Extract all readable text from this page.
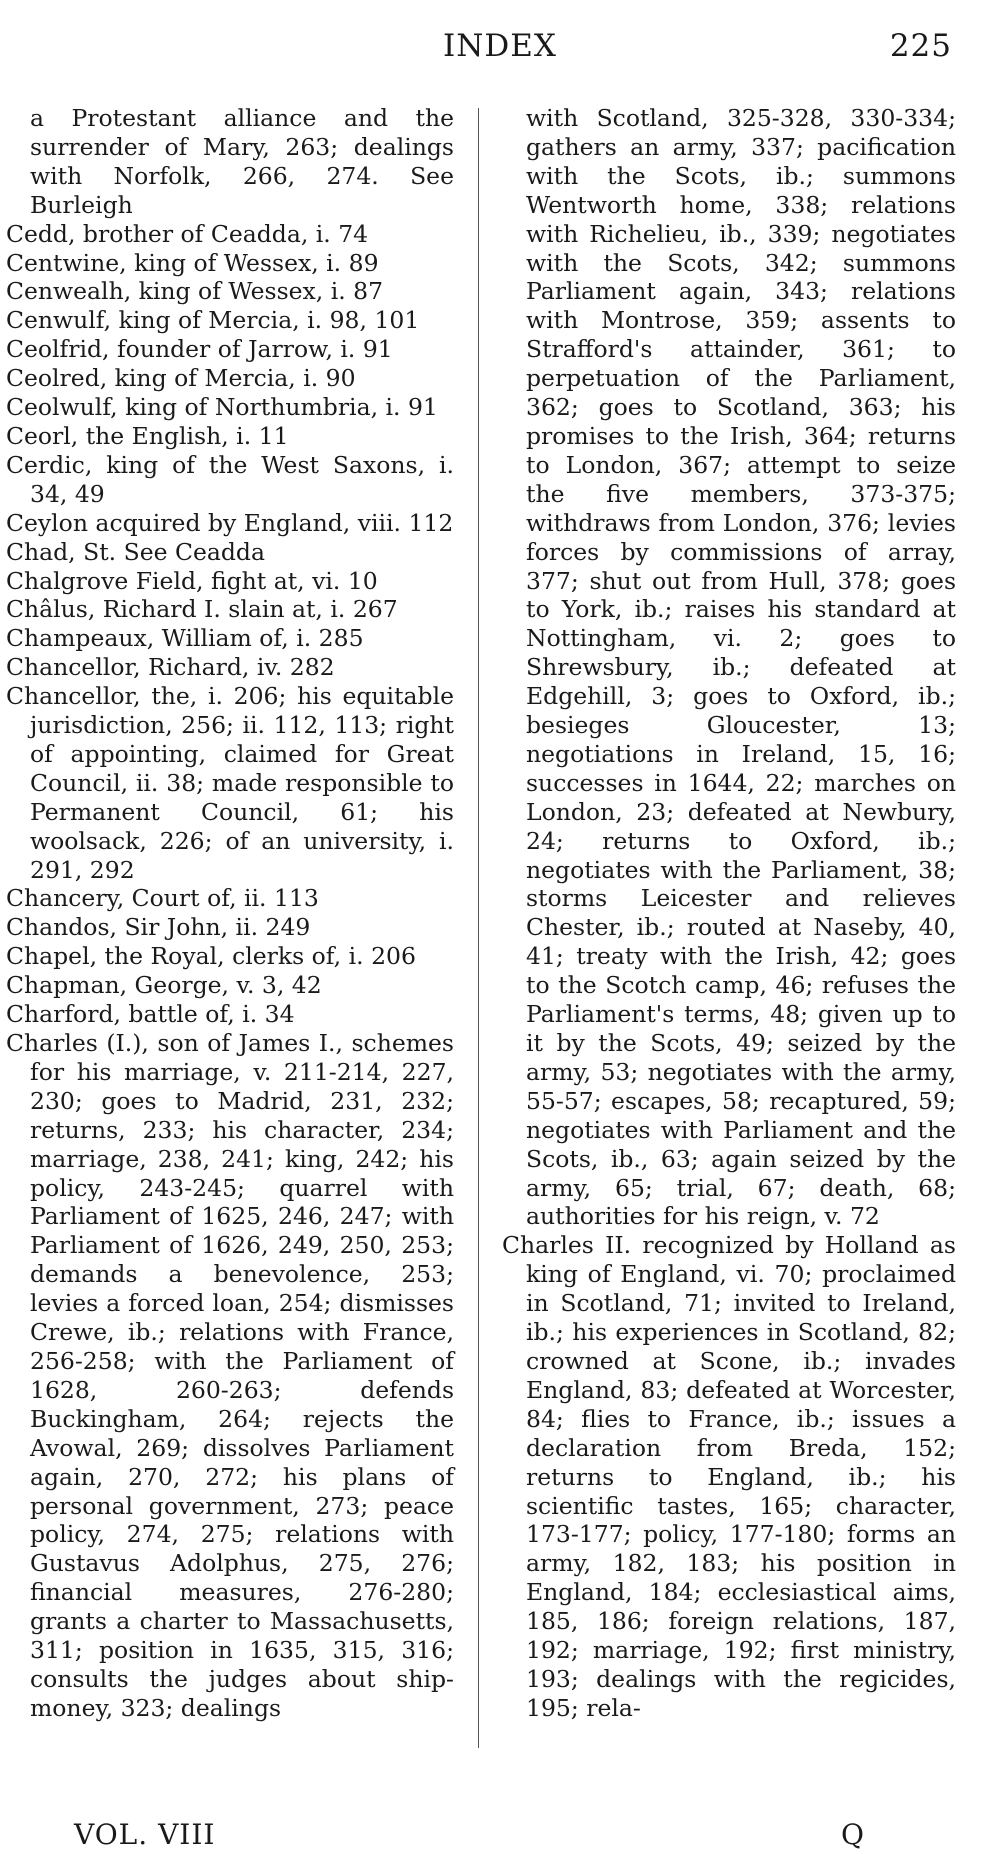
INDEX	225

a Protestant alliance and the surrender of Mary, 263; dealings with Norfolk, 266, 274. See Burleigh

Cedd, brother of Ceadda, i. 74

Centwine, king of Wessex, i. 89

Cenwealh, king of Wessex, i. 87

Cenwulf, king of Mercia, i. 98, 101

Ceolfrid, founder of Jarrow, i. 91

Ceolred, king of Mercia, i. 90

Ceolwulf, king of Northumbria, i. 91

Ceorl, the English, i. 11

Cerdic, king of the West Saxons, i. 34, 49

Ceylon acquired by England, viii. 112

Chad, St. See Ceadda

Chalgrove Field, fight at, vi. 10

Châlus, Richard I. slain at, i. 267

Champeaux, William of, i. 285

Chancellor, Richard, iv. 282

Chancellor, the, i. 206; his equitable jurisdiction, 256; ii. 112, 113; right of appointing, claimed for Great Council, ii. 38; made responsible to Permanent Council, 61; his woolsack, 226; of an university, i. 291, 292

Chancery, Court of, ii. 113

Chandos, Sir John, ii. 249

Chapel, the Royal, clerks of, i. 206

Chapman, George, v. 3, 42

Charford, battle of, i. 34

Charles (I.), son of James I., schemes for his marriage, v. 211-214, 227, 230; goes to Madrid, 231, 232; returns, 233; his character, 234; marriage, 238, 241; king, 242; his policy, 243-245; quarrel with Parliament of 1625, 246, 247; with Parliament of 1626, 249, 250, 253; demands a benevolence, 253; levies a forced loan, 254; dismisses Crewe, ib.; relations with France, 256-258; with the Parliament of 1628, 260-263; defends Buckingham, 264; rejects the Avowal, 269; dissolves Parliament again, 270, 272; his plans of personal government, 273; peace policy, 274, 275; relations with Gustavus Adolphus, 275, 276; financial measures, 276-280; grants a charter to Massachusetts, 311; position in 1635, 315, 316; consults the judges about ship-money, 323; dealings

with Scotland, 325-328, 330-334; gathers an army, 337; pacification with the Scots, ib.; summons Wentworth home, 338; relations with Richelieu, ib., 339; negotiates with the Scots, 342; summons Parliament again, 343; relations with Montrose, 359; assents to Strafford's attainder, 361; to perpetuation of the Parliament, 362; goes to Scotland, 363; his promises to the Irish, 364; returns to London, 367; attempt to seize the five members, 373-375; withdraws from London, 376; levies forces by commissions of array, 377; shut out from Hull, 378; goes to York, ib.; raises his standard at Nottingham, vi. 2; goes to Shrewsbury, ib.; defeated at Edgehill, 3; goes to Oxford, ib.; besieges Gloucester, 13; negotiations in Ireland, 15, 16; successes in 1644, 22; marches on London, 23; defeated at Newbury, 24; returns to Oxford, ib.; negotiates with the Parliament, 38; storms Leicester and relieves Chester, ib.; routed at Naseby, 40, 41; treaty with the Irish, 42; goes to the Scotch camp, 46; refuses the Parliament's terms, 48; given up to it by the Scots, 49; seized by the army, 53; negotiates with the army, 55-57; escapes, 58; recaptured, 59; negotiates with Parliament and the Scots, ib., 63; again seized by the army, 65; trial, 67; death, 68; authorities for his reign, v. 72

Charles II. recognized by Holland as king of England, vi. 70; proclaimed in Scotland, 71; invited to Ireland, ib.; his experiences in Scotland, 82; crowned at Scone, ib.; invades England, 83; defeated at Worcester, 84; flies to France, ib.; issues a declaration from Breda, 152; returns to England, ib.; his scientific tastes, 165; character, 173-177; policy, 177-180; forms an army, 182, 183; his position in England, 184; ecclesiastical aims, 185, 186; foreign relations, 187, 192; marriage, 192; first ministry, 193; dealings with the regicides, 195; rela-

VOL. VIII	Q
